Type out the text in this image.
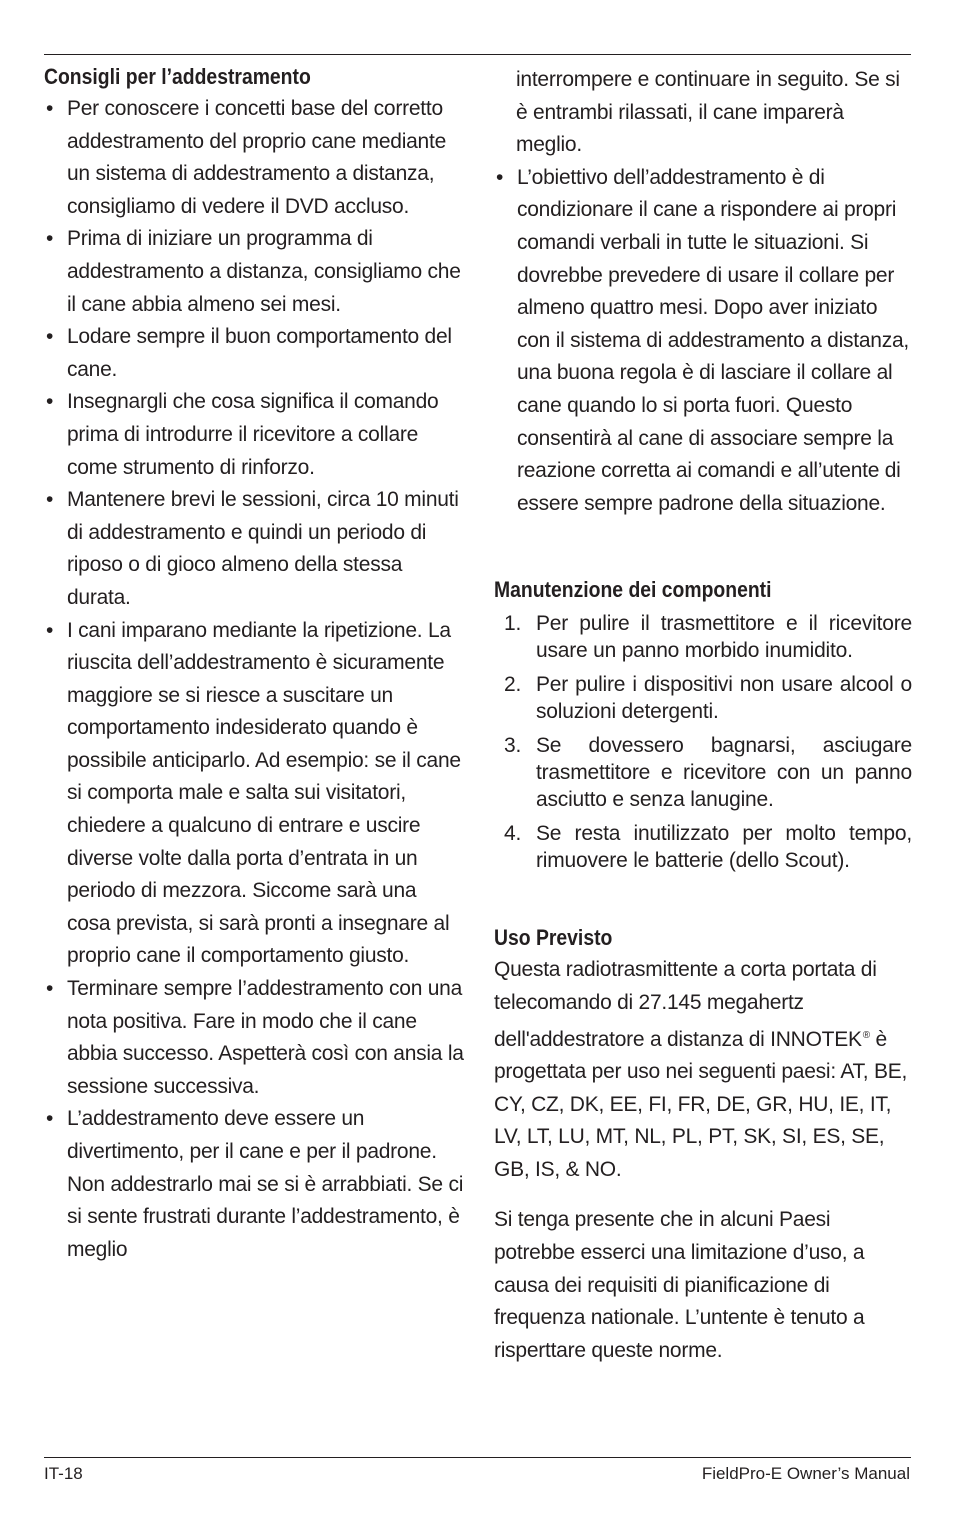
Consigli per l’addestramento
• Per conoscere i concetti base del corretto addestramento del proprio cane mediante un sistema di addestramento a distanza, consigliamo di vedere il DVD accluso.
• Prima di iniziare un programma di addestramento a distanza, consigliamo che il cane abbia almeno sei mesi.
• Lodare sempre il buon comportamento del cane.
• Insegnargli che cosa significa il comando prima di introdurre il ricevitore a collare come strumento di rinforzo.
• Mantenere brevi le sessioni, circa 10 minuti di addestramento e quindi un periodo di riposo o di gioco almeno della stessa durata.
• I cani imparano mediante la ripetizione. La riuscita dell’addestramento è sicuramente maggiore se si riesce a suscitare un comportamento indesiderato quando è possibile anticiparlo. Ad esempio: se il cane si comporta male e salta sui visitatori, chiedere a qualcuno di entrare e uscire diverse volte dalla porta d’entrata in un periodo di mezzora. Siccome sarà una cosa prevista, si sarà pronti a insegnare al proprio cane il comportamento giusto.
• Terminare sempre l’addestramento con una nota positiva. Fare in modo che il cane abbia successo. Aspetterà così con ansia la sessione successiva.
• L’addestramento deve essere un divertimento, per il cane e per il padrone. Non addestrarlo mai se si è arrabbiati. Se ci si sente frustrati durante l’addestramento, è meglio
interrompere e continuare in seguito. Se si è entrambi rilassati, il cane imparerà meglio.
• L’obiettivo dell’addestramento è di condizionare il cane a rispondere ai propri comandi verbali in tutte le situazioni. Si dovrebbe prevedere di usare il collare per almeno quattro mesi. Dopo aver iniziato con il sistema di addestramento a distanza, una buona regola è di lasciare il collare al cane quando lo si porta fuori. Questo consentirà al cane di associare sempre la reazione corretta ai comandi e all’utente di essere sempre padrone della situazione.
Manutenzione dei componenti
1. Per pulire il trasmettitore e il ricevitore usare un panno morbido inumidito.
2. Per pulire i dispositivi non usare alcool o soluzioni detergenti.
3. Se dovessero bagnarsi, asciugare trasmettitore e ricevitore con un panno asciutto e senza lanugine.
4. Se resta inutilizzato per molto tempo, rimuovere le batterie (dello Scout).
Uso Previsto

Questa radiotrasmittente a corta portata di telecomando di 27.145 megahertz dell'addestratore a distanza di INNOTEK® è progettata per uso nei seguenti paesi: AT, BE, CY, CZ, DK, EE, FI, FR, DE, GR, HU, IE, IT, LV, LT, LU, MT, NL, PL, PT, SK, SI, ES, SE, GB, IS, & NO.

Si tenga presente che in alcuni Paesi potrebbe esserci una limitazione d’uso, a causa dei requisiti di pianificazione di frequenza nationale. L’untente è tenuto a risperttare queste norme.

IT-18	FieldPro-E Owner’s Manual
